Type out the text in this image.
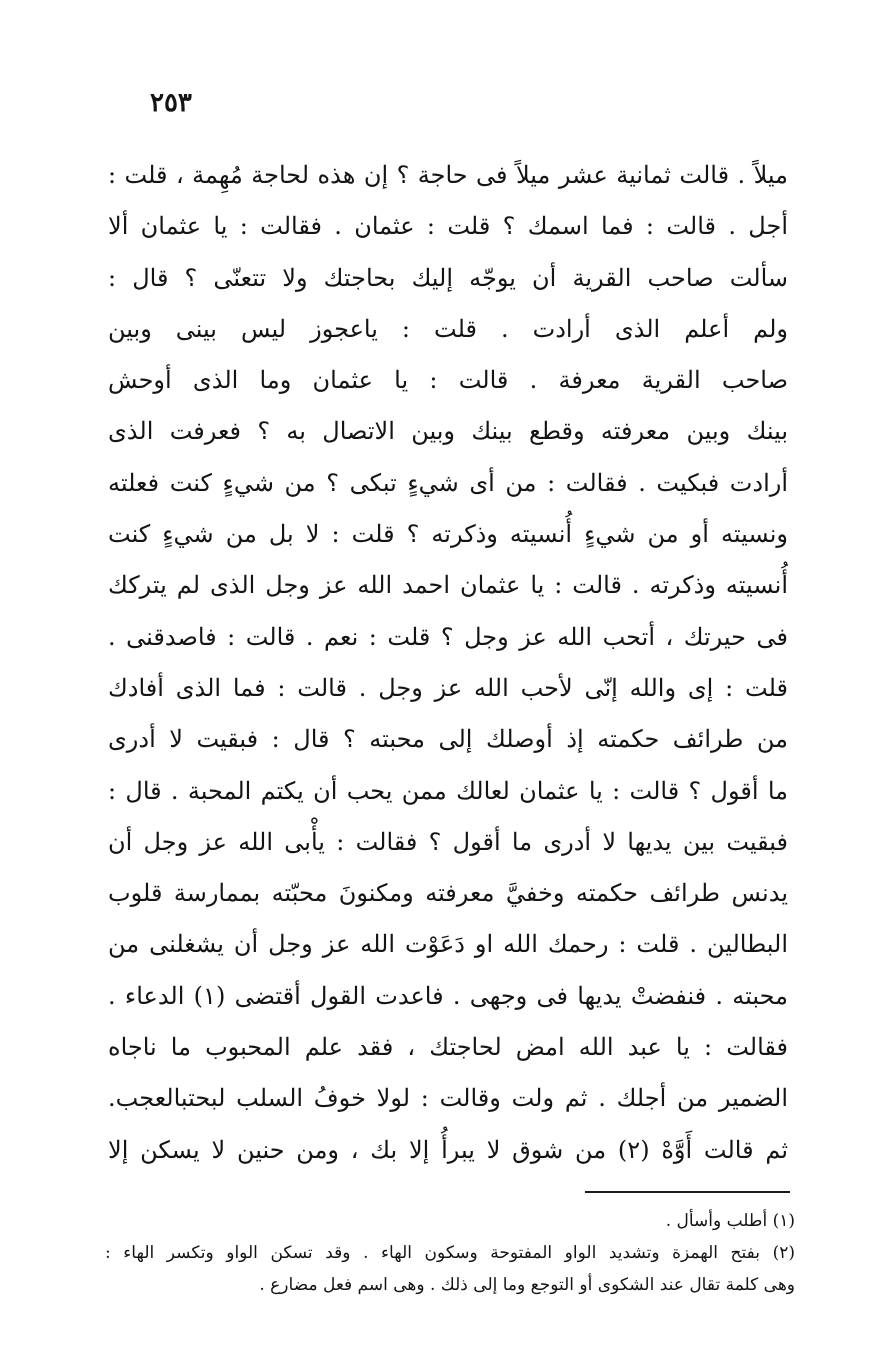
٢٥٣
ميلاً . قالت ثمانية عشر ميلاً فى حاجة ؟ إن هذه لحاجة مُهِمة ، قلت :
أجل . قالت : فما اسمك ؟ قلت : عثمان . فقالت : يا عثمان ألا
سألت صاحب القرية أن يوجّه إليك بحاجتك ولا تتعنّى ؟ قال :
ولم أعلم الذى أرادت . قلت : ياعجوز ليس بينى وبين
صاحب القرية معرفة . قالت : يا عثمان وما الذى أوحش
بينك وبين معرفته وقطع بينك وبين الاتصال به ؟ فعرفت الذى
أرادت فبكيت . فقالت : من أى شيءٍ تبكى ؟ من شيءٍ كنت فعلته
ونسيته أو من شيءٍ أُنسيته وذكرته ؟ قلت : لا بل من شيءٍ كنت
أُنسيته وذكرته . قالت : يا عثمان احمد الله عز وجل الذى لم يتركك
فى حيرتك ، أتحب الله عز وجل ؟ قلت : نعم . قالت : فاصدقنى .
قلت : إى والله إنّى لأحب الله عز وجل . قالت : فما الذى أفادك
من طرائف حكمته إذ أوصلك إلى محبته ؟ قال : فبقيت لا أدرى
ما أقول ؟ قالت : يا عثمان لعالك ممن يحب أن يكتم المحبة . قال :
فبقيت بين يديها لا أدرى ما أقول ؟ فقالت : يأْبى الله عز وجل أن
يدنس طرائف حكمته وخفيَّ معرفته ومكنونَ محبّته بممارسة قلوب
البطالين . قلت : رحمك الله او دَعَوْت الله عز وجل أن يشغلنى من
محبته . فنفضتْ يديها فى وجهى . فاعدت القول أقتضى (١) الدعاء .
فقالت : يا عبد الله امض لحاجتك ، فقد علم المحبوب ما ناجاه
الضمير من أجلك . ثم ولت وقالت : لولا خوفُ السلب لبحتبالعجب.
ثم قالت أَوَّهْ (٢) من شوق لا يبرأُ إلا بك ، ومن حنين لا يسكن إلا
(١) أطلب وأسأل .
(٢) بفتح الهمزة وتشديد الواو المفتوحة وسكون الهاء . وقد تسكن الواو وتكسر الهاء :
وهى كلمة تقال عند الشكوى أو التوجع وما إلى ذلك . وهى اسم فعل مضارع .
